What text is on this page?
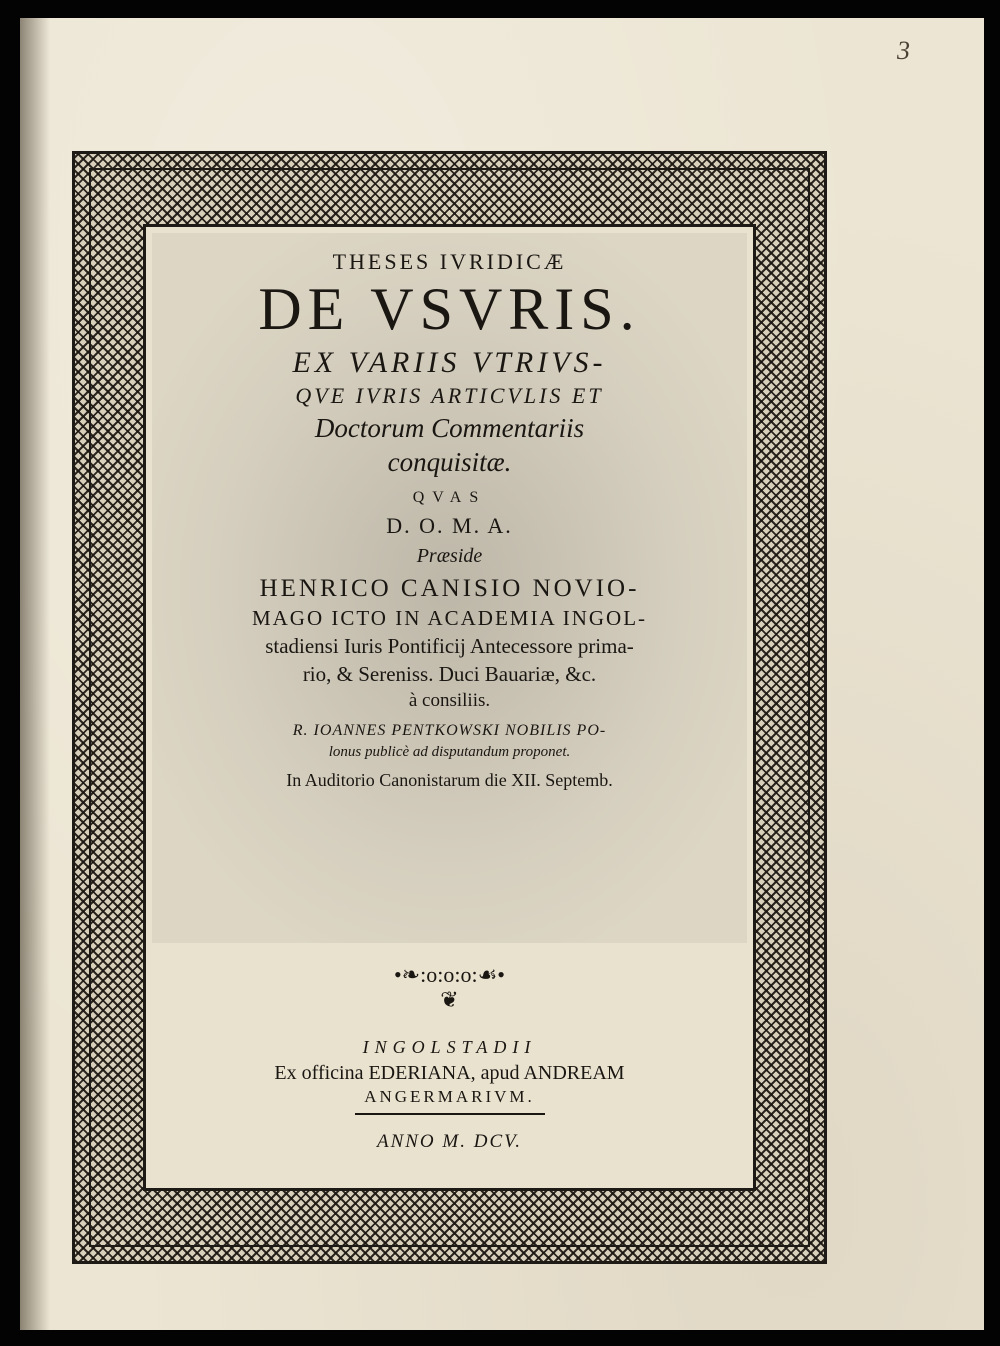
3
THESES IVRIDICÆ
DE VSVRIS.
EX VARIIS VTRIVS-
QVE IVRIS ARTICVLIS ET
Doctorum Commentariis
conquisitæ.
QVAS
D. O. M. A.
Præside
HENRICO CANISIO NOVIO-
MAGO ICTO IN ACADEMIA INGOL-
stadiensi Iuris Pontificij Antecessore prima-
rio, & Sereniss. Duci Bauariæ, &c.
à consiliis.
R. IOANNES PENTKOWSKI NOBILIS PO-
lonus publicè ad disputandum proponet.
In Auditorio Canonistarum die XII. Septemb.
•❧:o:o:o:☙•
❦
INGOLSTADII
Ex officina EDERIANA, apud ANDREAM
ANGERMARIVM.
ANNO M. DCV.
